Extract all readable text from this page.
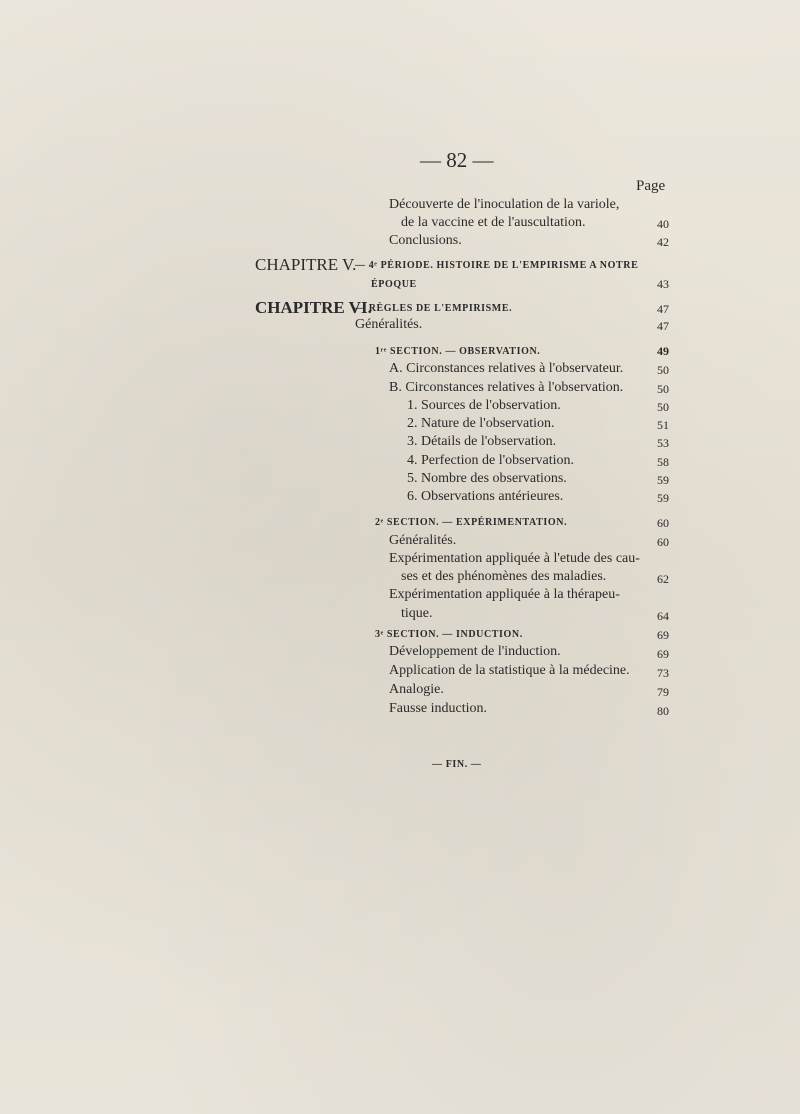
— 82 —
Page
Découverte de l'inoculation de la variole,
de la vaccine et de l'auscultation.	40
Conclusions.	42
CHAPITRE V.
— 4ᵉ PÉRIODE. HISTOIRE DE L'EMPIRISME A NOTRE
ÉPOQUE	43
CHAPITRE VI.
— RÈGLES DE L'EMPIRISME.	47
Généralités.	47
1ʳᵉ SECTION. — OBSERVATION.	49
A. Circonstances relatives à l'observateur.	50
B. Circonstances relatives à l'observation.	50
1. Sources de l'observation.	50
2. Nature de l'observation.	51
3. Détails de l'observation.	53
4. Perfection de l'observation.	58
5. Nombre des observations.	59
6. Observations antérieures.	59
2ᵉ SECTION. — EXPÉRIMENTATION.	60
Généralités.	60
Expérimentation appliquée à l'etude des cau-
ses et des phénomènes des maladies.	62
Expérimentation appliquée à la thérapeu-
tique.	64
3ᵉ SECTION. — INDUCTION.	69
Développement de l'induction.	69
Application de la statistique à la médecine.	73
Analogie.	79
Fausse induction.	80
— FIN. —
